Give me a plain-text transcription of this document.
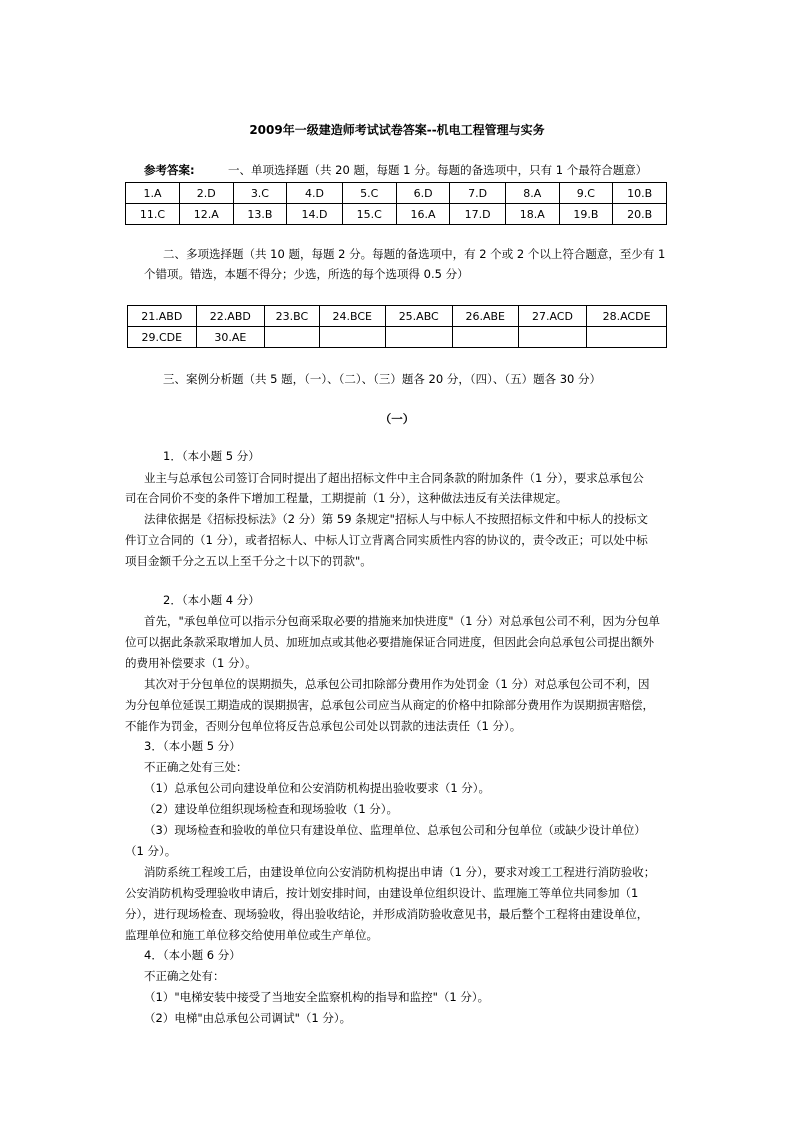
2009年一级建造师考试试卷答案--机电工程管理与实务
参考答案:	一、单项选择题（共 20 题，每题 1 分。每题的备选项中，只有 1 个最符合题意）
1.A	2.D	3.C	4.D	5.C	6.D	7.D	8.A	9.C	10.B
11.C	12.A	13.B	14.D	15.C	16.A	17.D	18.A	19.B	20.B
二、多项选择题（共 10 题，每题 2 分。每题的备选项中，有 2 个或 2 个以上符合题意，至少有 1
个错项。错选，本题不得分；少选，所选的每个选项得 0.5 分）
21.ABD	22.ABD	23.BC	24.BCE	25.ABC	26.ABE	27.ACD	28.ACDE
29.CDE	30.AE						
三、案例分析题（共 5 题，（一）、（二）、（三）题各 20 分，（四）、（五）题各 30 分）
（一）
1．（本小题 5 分）
业主与总承包公司签订合同时提出了超出招标文件中主合同条款的附加条件（1 分），要求总承包公
司在合同价不变的条件下增加工程量，工期提前（1 分），这种做法违反有关法律规定。
法律依据是《招标投标法》（2 分）第 59 条规定"招标人与中标人不按照招标文件和中标人的投标文
件订立合同的（1 分），或者招标人、中标人订立背离合同实质性内容的协议的，责令改正；可以处中标
项目金额千分之五以上至千分之十以下的罚款"。
2．（本小题 4 分）
首先，"承包单位可以指示分包商采取必要的措施来加快进度"（1 分）对总承包公司不利，因为分包单
位可以据此条款采取增加人员、加班加点或其他必要措施保证合同进度，但因此会向总承包公司提出额外
的费用补偿要求（1 分）。
其次对于分包单位的误期损失，总承包公司扣除部分费用作为处罚金（1 分）对总承包公司不利，因
为分包单位延误工期造成的误期损害，总承包公司应当从商定的价格中扣除部分费用作为误期损害赔偿，
不能作为罚金，否则分包单位将反告总承包公司处以罚款的违法责任（1 分）。
3．（本小题 5 分）
不正确之处有三处：
（1）总承包公司向建设单位和公安消防机构提出验收要求（1 分）。
（2）建设单位组织现场检查和现场验收（1 分）。
（3）现场检查和验收的单位只有建设单位、监理单位、总承包公司和分包单位（或缺少设计单位）
（1 分）。
消防系统工程竣工后，由建设单位向公安消防机构提出申请（1 分），要求对竣工工程进行消防验收；
公安消防机构受理验收申请后，按计划安排时间，由建设单位组织设计、监理施工等单位共同参加（1
分），进行现场检查、现场验收，得出验收结论，并形成消防验收意见书，最后整个工程将由建设单位，
监理单位和施工单位移交给使用单位或生产单位。
4．（本小题 6 分）
不正确之处有：
（1）"电梯安装中接受了当地安全监察机构的指导和监控"（1 分）。
（2）电梯"由总承包公司调试"（1 分）。
